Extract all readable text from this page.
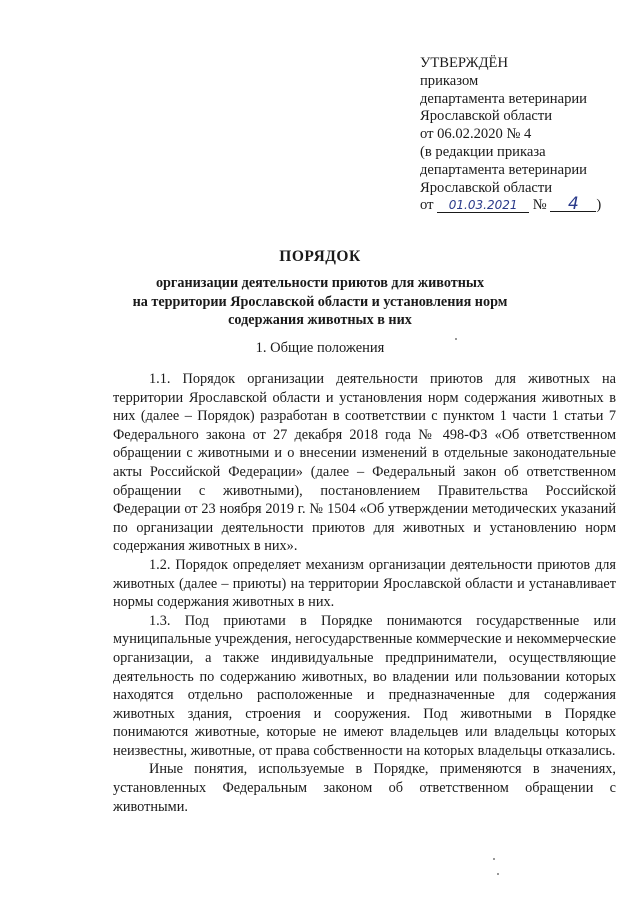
УТВЕРЖДЁН
приказом
департамента ветеринарии
Ярославской области
от 06.02.2020 № 4
(в редакции приказа
департамента ветеринарии
Ярославской области
от 01.03.2021 № 4 )
ПОРЯДОК
организации деятельности приютов для животных
на территории Ярославской области и установления норм
содержания животных в них
1. Общие положения

1.1. Порядок организации деятельности приютов для животных на территории Ярославской области и установления норм содержания животных в них (далее – Порядок) разработан в соответствии с пунктом 1 части 1 статьи 7 Федерального закона от 27 декабря 2018 года № 498-ФЗ «Об ответственном обращении с животными и о внесении изменений в отдельные законодательные акты Российской Федерации» (далее – Федеральный закон об ответственном обращении с животными), постановлением Правительства Российской Федерации от 23 ноября 2019 г. № 1504 «Об утверждении методических указаний по организации деятельности приютов для животных и установлению норм содержания животных в них».

1.2. Порядок определяет механизм организации деятельности приютов для животных (далее – приюты) на территории Ярославской области и устанавливает нормы содержания животных в них.

1.3. Под приютами в Порядке понимаются государственные или муниципальные учреждения, негосударственные коммерческие и некоммерческие организации, а также индивидуальные предприниматели, осуществляющие деятельность по содержанию животных, во владении или пользовании которых находятся отдельно расположенные и предназначенные для содержания животных здания, строения и сооружения. Под животными в Порядке понимаются животные, которые не имеют владельцев или владельцы которых неизвестны, животные, от права собственности на которых владельцы отказались.

Иные понятия, используемые в Порядке, применяются в значениях, установленных Федеральным законом об ответственном обращении с животными.
